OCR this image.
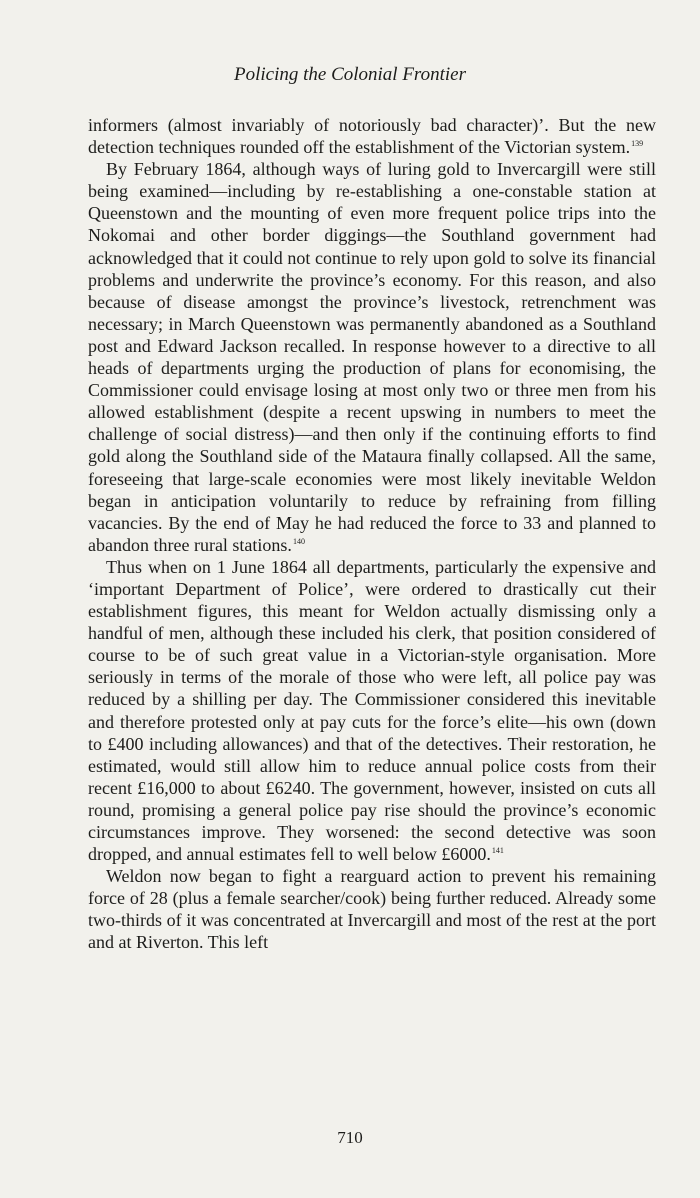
Policing the Colonial Frontier

informers (almost invariably of notoriously bad character)’. But the new detection techniques rounded off the establishment of the Victorian system.$^{139}$

By February 1864, although ways of luring gold to Invercargill were still being examined—including by re-establishing a one-constable station at Queenstown and the mounting of even more frequent police trips into the Nokomai and other border diggings—the Southland government had acknowledged that it could not continue to rely upon gold to solve its financial problems and underwrite the province’s economy. For this reason, and also because of disease amongst the province’s livestock, retrenchment was necessary; in March Queenstown was permanently abandoned as a Southland post and Edward Jackson recalled. In response however to a directive to all heads of departments urging the production of plans for economising, the Commissioner could envisage losing at most only two or three men from his allowed establishment (despite a recent upswing in numbers to meet the challenge of social distress)—and then only if the continuing efforts to find gold along the Southland side of the Mataura finally collapsed. All the same, foreseeing that large-scale economies were most likely inevitable Weldon began in anticipation voluntarily to reduce by refraining from filling vacancies. By the end of May he had reduced the force to 33 and planned to abandon three rural stations.$^{140}$

Thus when on 1 June 1864 all departments, particularly the expensive and ‘important Department of Police’, were ordered to drastically cut their establishment figures, this meant for Weldon actually dismissing only a handful of men, although these included his clerk, that position considered of course to be of such great value in a Victorian-style organisation. More seriously in terms of the morale of those who were left, all police pay was reduced by a shilling per day. The Commissioner considered this inevitable and therefore protested only at pay cuts for the force’s elite—his own (down to £400 including allowances) and that of the detectives. Their restoration, he estimated, would still allow him to reduce annual police costs from their recent £16,000 to about £6240. The government, however, insisted on cuts all round, promising a general police pay rise should the province’s economic circumstances improve. They worsened: the second detective was soon dropped, and annual estimates fell to well below £6000.$^{141}$

Weldon now began to fight a rearguard action to prevent his remaining force of 28 (plus a female searcher/cook) being further reduced. Already some two-thirds of it was concentrated at Invercargill and most of the rest at the port and at Riverton. This left

710
